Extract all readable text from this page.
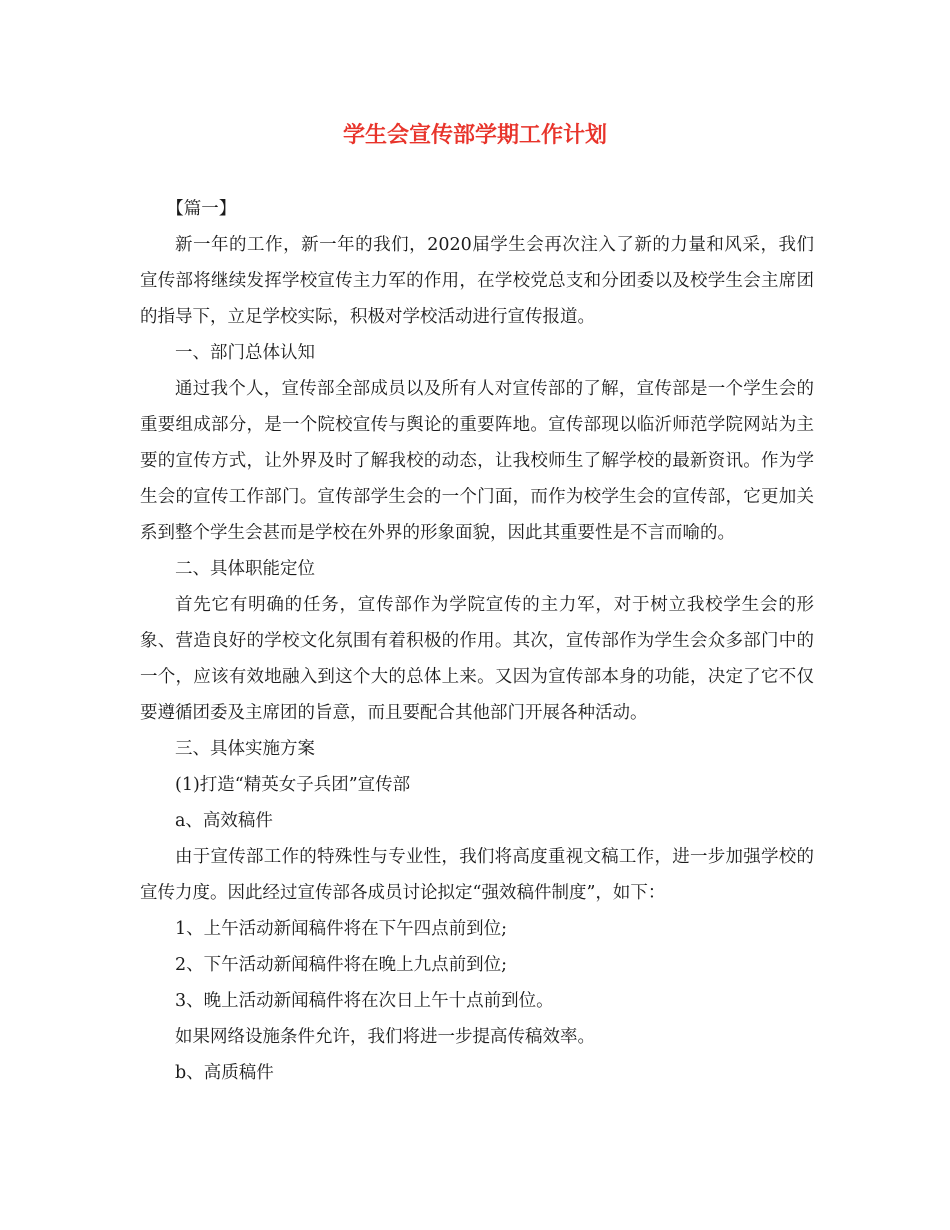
学生会宣传部学期工作计划

【篇一】

新一年的工作，新一年的我们，2020届学生会再次注入了新的力量和风采，我们宣传部将继续发挥学校宣传主力军的作用，在学校党总支和分团委以及校学生会主席团的指导下，立足学校实际，积极对学校活动进行宣传报道。

一、部门总体认知

通过我个人，宣传部全部成员以及所有人对宣传部的了解，宣传部是一个学生会的重要组成部分，是一个院校宣传与舆论的重要阵地。宣传部现以临沂师范学院网站为主要的宣传方式，让外界及时了解我校的动态，让我校师生了解学校的最新资讯。作为学生会的宣传工作部门。宣传部学生会的一个门面，而作为校学生会的宣传部，它更加关系到整个学生会甚而是学校在外界的形象面貌，因此其重要性是不言而喻的。

二、具体职能定位

首先它有明确的任务，宣传部作为学院宣传的主力军，对于树立我校学生会的形象、营造良好的学校文化氛围有着积极的作用。其次，宣传部作为学生会众多部门中的一个，应该有效地融入到这个大的总体上来。又因为宣传部本身的功能，决定了它不仅要遵循团委及主席团的旨意，而且要配合其他部门开展各种活动。

三、具体实施方案

(1)打造“精英女子兵团”宣传部

a、高效稿件

由于宣传部工作的特殊性与专业性，我们将高度重视文稿工作，进一步加强学校的宣传力度。因此经过宣传部各成员讨论拟定“强效稿件制度”，如下：

1、上午活动新闻稿件将在下午四点前到位;

2、下午活动新闻稿件将在晚上九点前到位;

3、晚上活动新闻稿件将在次日上午十点前到位。

如果网络设施条件允许，我们将进一步提高传稿效率。

b、高质稿件
